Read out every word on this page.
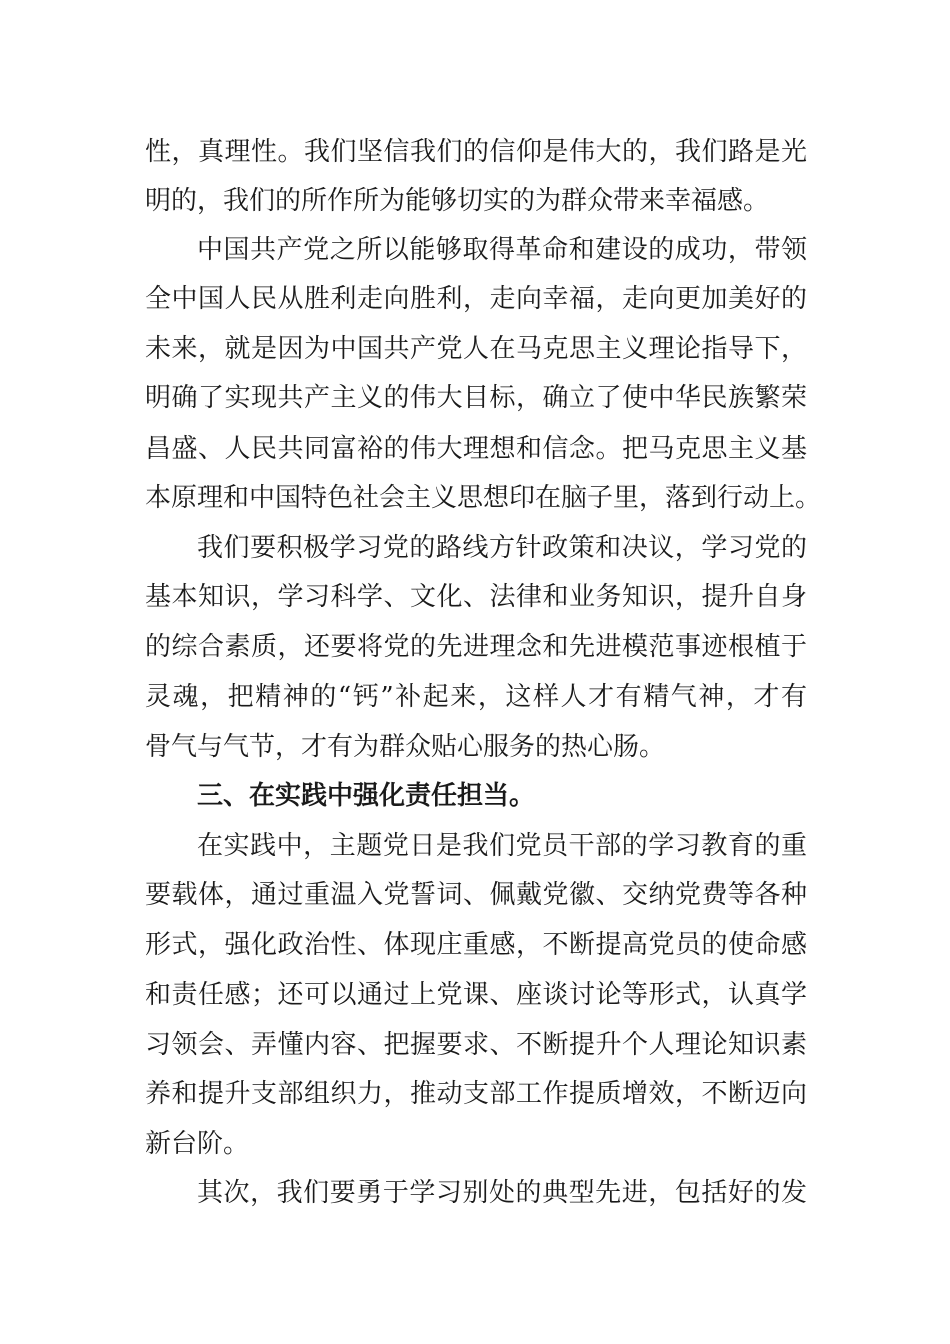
性，真理性。我们坚信我们的信仰是伟大的，我们路是光
明的，我们的所作所为能够切实的为群众带来幸福感。
中国共产党之所以能够取得革命和建设的成功，带领
全中国人民从胜利走向胜利，走向幸福，走向更加美好的
未来，就是因为中国共产党人在马克思主义理论指导下，
明确了实现共产主义的伟大目标，确立了使中华民族繁荣
昌盛、人民共同富裕的伟大理想和信念。把马克思主义基
本原理和中国特色社会主义思想印在脑子里，落到行动上。
我们要积极学习党的路线方针政策和决议，学习党的
基本知识，学习科学、文化、法律和业务知识，提升自身
的综合素质，还要将党的先进理念和先进模范事迹根植于
灵魂，把精神的“钙”补起来，这样人才有精气神，才有
骨气与气节，才有为群众贴心服务的热心肠。
三、在实践中强化责任担当。
在实践中，主题党日是我们党员干部的学习教育的重
要载体，通过重温入党誓词、佩戴党徽、交纳党费等各种
形式，强化政治性、体现庄重感，不断提高党员的使命感
和责任感；还可以通过上党课、座谈讨论等形式，认真学
习领会、弄懂内容、把握要求、不断提升个人理论知识素
养和提升支部组织力，推动支部工作提质增效，不断迈向
新台阶。
其次，我们要勇于学习别处的典型先进，包括好的发
